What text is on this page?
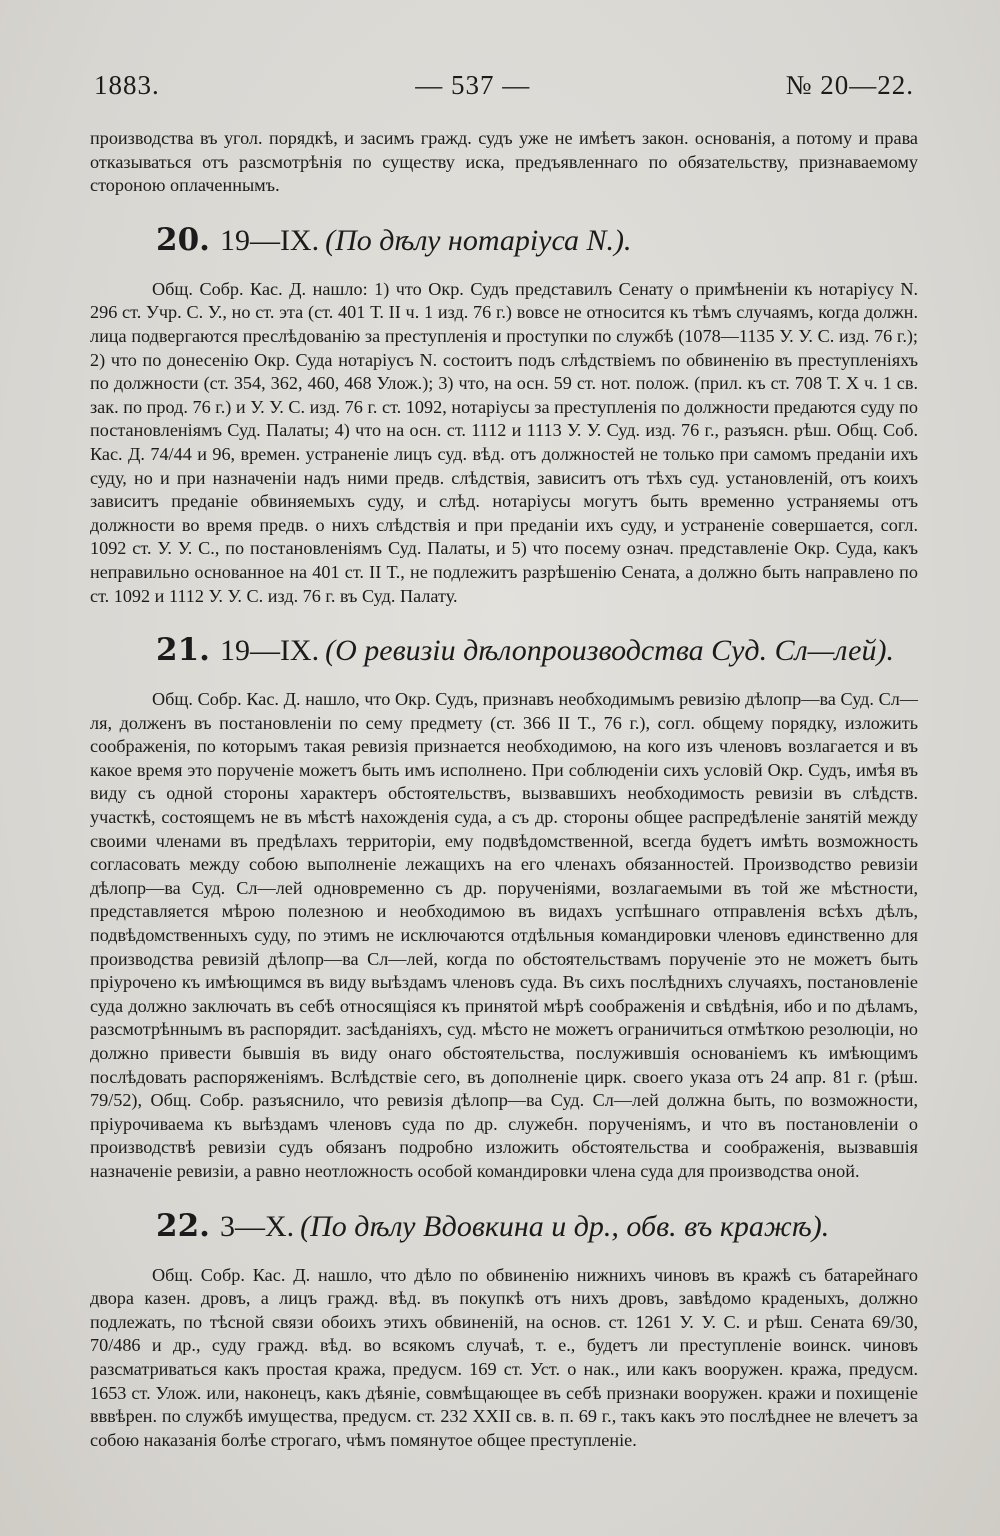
1883.	— 537 —	№ 20—22.

производства въ угол. порядкѣ, и засимъ гражд. судъ уже не имѣетъ закон. основанія, а потому и права отказываться отъ разсмотрѣнія по существу иска, предъявленнаго по обязательству, признаваемому стороною оплаченнымъ.

20. 19—IX. (По дѣлу нотаріуса N.).

Общ. Собр. Кас. Д. нашло: 1) что Окр. Судъ представилъ Сенату о примѣненіи къ нотаріусу N. 296 ст. Учр. С. У., но ст. эта (ст. 401 Т. II ч. 1 изд. 76 г.) вовсе не относится къ тѣмъ случаямъ, когда должн. лица подвергаются преслѣдованію за преступленія и проступки по службѣ (1078—1135 У. У. С. изд. 76 г.); 2) что по донесенію Окр. Суда нотаріусъ N. состоитъ подъ слѣдствіемъ по обвиненію въ преступленіяхъ по должности (ст. 354, 362, 460, 468 Улож.); 3) что, на осн. 59 ст. нот. полож. (прил. къ ст. 708 Т. X ч. 1 св. зак. по прод. 76 г.) и У. У. С. изд. 76 г. ст. 1092, нотаріусы за преступленія по должности предаются суду по постановленіямъ Суд. Палаты; 4) что на осн. ст. 1112 и 1113 У. У. Суд. изд. 76 г., разъясн. рѣш. Общ. Соб. Кас. Д. 74/44 и 96, времен. устраненіе лицъ суд. вѣд. отъ должностей не только при самомъ преданіи ихъ суду, но и при назначеніи надъ ними предв. слѣдствія, зависитъ отъ тѣхъ суд. установленій, отъ коихъ зависитъ преданіе обвиняемыхъ суду, и слѣд. нотаріусы могутъ быть временно устраняемы отъ должности во время предв. о нихъ слѣдствія и при преданіи ихъ суду, и устраненіе совершается, согл. 1092 ст. У. У. С., по постановленіямъ Суд. Палаты, и 5) что посему означ. представленіе Окр. Суда, какъ неправильно основанное на 401 ст. II Т., не подлежитъ разрѣшенію Сената, а должно быть направлено по ст. 1092 и 1112 У. У. С. изд. 76 г. въ Суд. Палату.

21. 19—IX. (О ревизіи дѣлопроизводства Суд. Сл—лей).

Общ. Собр. Кас. Д. нашло, что Окр. Судъ, признавъ необходимымъ ревизію дѣлопр—ва Суд. Сл—ля, долженъ въ постановленіи по сему предмету (ст. 366 II Т., 76 г.), согл. общему порядку, изложить соображенія, по которымъ такая ревизія признается необходимою, на кого изъ членовъ возлагается и въ какое время это порученіе можетъ быть имъ исполнено. При соблюденіи сихъ условій Окр. Судъ, имѣя въ виду съ одной стороны характеръ обстоятельствъ, вызвавшихъ необходимость ревизіи въ слѣдств. участкѣ, состоящемъ не въ мѣстѣ нахожденія суда, а съ др. стороны общее распредѣленіе занятій между своими членами въ предѣлахъ территоріи, ему подвѣдомственной, всегда будетъ имѣть возможность согласовать между собою выполненіе лежащихъ на его членахъ обязанностей. Производство ревизіи дѣлопр—ва Суд. Сл—лей одновременно съ др. порученіями, возлагаемыми въ той же мѣстности, представляется мѣрою полезною и необходимою въ видахъ успѣшнаго отправленія всѣхъ дѣлъ, подвѣдомственныхъ суду, по этимъ не исключаются отдѣльныя командировки членовъ единственно для производства ревизій дѣлопр—ва Сл—лей, когда по обстоятельствамъ порученіе это не можетъ быть пріурочено къ имѣющимся въ виду выѣздамъ членовъ суда. Въ сихъ послѣднихъ случаяхъ, постановленіе суда должно заключать въ себѣ относящіяся къ принятой мѣрѣ соображенія и свѣдѣнія, ибо и по дѣламъ, разсмотрѣннымъ въ распорядит. засѣданіяхъ, суд. мѣсто не можетъ ограничиться отмѣткою резолюціи, но должно привести бывшія въ виду онаго обстоятельства, послужившія основаніемъ къ имѣющимъ послѣдовать распоряженіямъ. Вслѣдствіе сего, въ дополненіе цирк. своего указа отъ 24 апр. 81 г. (рѣш. 79/52), Общ. Собр. разъяснило, что ревизія дѣлопр—ва Суд. Сл—лей должна быть, по возможности, пріурочиваема къ выѣздамъ членовъ суда по др. служебн. порученіямъ, и что въ постановленіи о производствѣ ревизіи судъ обязанъ подробно изложить обстоятельства и соображенія, вызвавшія назначеніе ревизіи, а равно неотложность особой командировки члена суда для производства оной.

22. 3—X. (По дѣлу Вдовкина и др., обв. въ кражѣ).

Общ. Собр. Кас. Д. нашло, что дѣло по обвиненію нижнихъ чиновъ въ кражѣ съ батарейнаго двора казен. дровъ, а лицъ гражд. вѣд. въ покупкѣ отъ нихъ дровъ, завѣдомо краденыхъ, должно подлежать, по тѣсной связи обоихъ этихъ обвиненій, на основ. ст. 1261 У. У. С. и рѣш. Сената 69/30, 70/486 и др., суду гражд. вѣд. во всякомъ случаѣ, т. е., будетъ ли преступленіе воинск. чиновъ разсматриваться какъ простая кража, предусм. 169 ст. Уст. о нак., или какъ вооружен. кража, предусм. 1653 ст. Улож. или, наконецъ, какъ дѣяніе, совмѣщающее въ себѣ признаки вооружен. кражи и похищеніе вввѣрен. по службѣ имущества, предусм. ст. 232 XXII св. в. п. 69 г., такъ какъ это послѣднее не влечетъ за собою наказанія болѣе строгаго, чѣмъ помянутое общее преступленіе.
